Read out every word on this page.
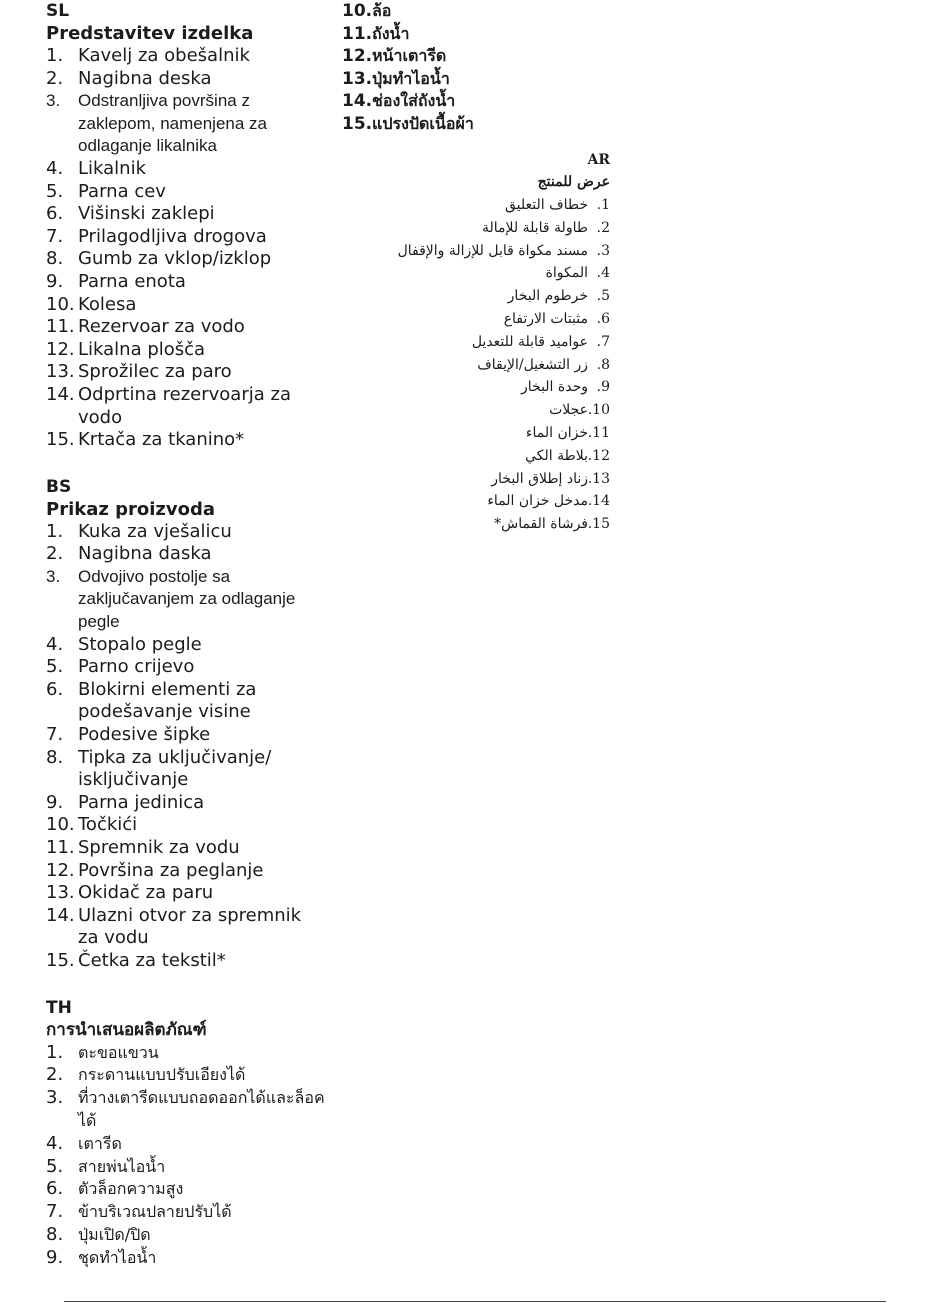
SL
Predstavitev izdelka
1. Kavelj za obešalnik
2. Nagibna deska
3.	Odstranljiva površina z zaklepom, namenjena za odlaganje likalnika
4. Likalnik
5. Parna cev
6. Višinski zaklepi
7. Prilagodljiva drogova
8. Gumb za vklop/izklop
9. Parna enota
10. Kolesa
11. Rezervoar za vodo
12. Likalna plošča
13. Sprožilec za paro
14. Odprtina rezervoarja za vodo
15. Krtača za tkanino*
BS
Prikaz proizvoda
1. Kuka za vješalicu
2. Nagibna daska
3.	Odvojivo postolje sa zaključavanjem za odlaganje pegle
4. Stopalo pegle
5. Parno crijevo
6. Blokirni elementi za podešavanje visine
7. Podesive šipke
8. Tipka za uključivanje/ isključivanje
9. Parna jedinica
10. Točkići
11. Spremnik za vodu
12. Površina za peglanje
13. Okidač za paru
14. Ulazni otvor za spremnik za vodu
15. Četka za tekstil*
TH
การนำเสนอผลิตภัณฑ์
1. ตะขอแขวน
2. กระดานแบบปรับเอียงได้
3. ที่วางเตารีดแบบถอดออกได้และล็อคได้
4. เตารีด
5. สายพ่นไอน้ำ
6. ตัวล็อกความสูง
7. ข้าบริเวณปลายปรับได้
8. ปุ่มเปิด/ปิด
9. ชุดทำไอน้ำ
10. ล้อ
11. ถังน้ำ
12. หน้าเตารีด
13. ปุ่มทำไอน้ำ
14. ช่องใส่ถังน้ำ
15. แปรงปัดเนื้อผ้า
AR
عرض للمنتج
1.
خطاف التعليق
2.
طاولة قابلة للإمالة
3.
مسند مكواة قابل للإزالة والإقفال
4.
المكواة
5.
خرطوم البخار
6.
مثبتات الارتفاع
7.
عواميد قابلة للتعديل
8.
زر التشغيل/الإيقاف
9.
وحدة البخار
10.
عجلات
11.
خزان الماء
12.
بلاطة الكي
13.
زناد إطلاق البخار
14.
مدخل خزان الماء
15.
فرشاة القماش*
